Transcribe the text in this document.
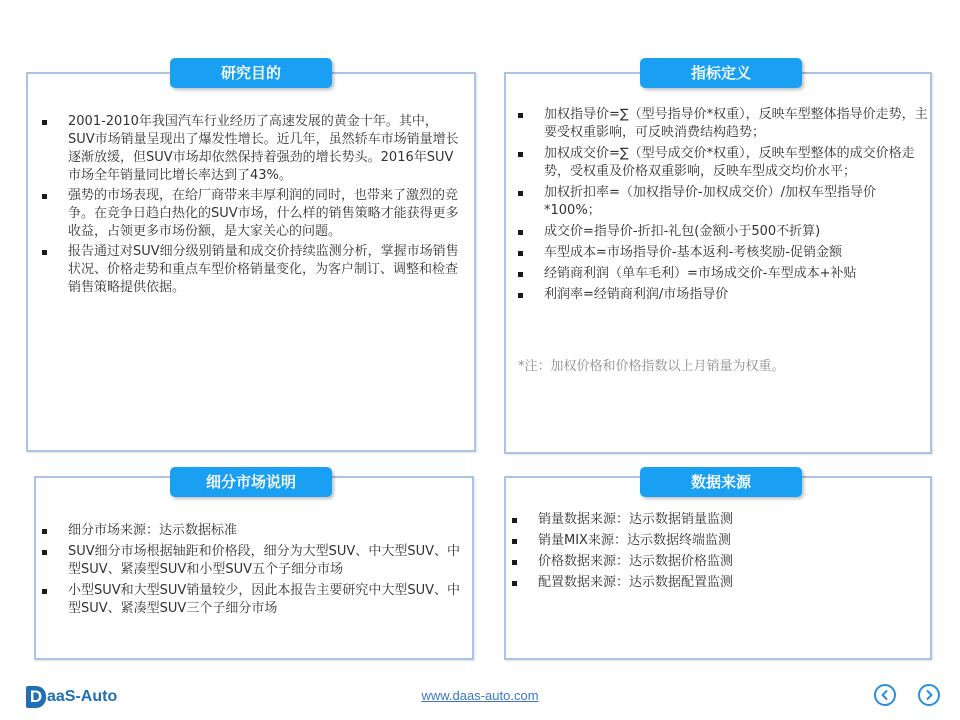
研究目的
2001-2010年我国汽车行业经历了高速发展的黄金十年。其中，SUV市场销量呈现出了爆发性增长。近几年，虽然轿车市场销量增长逐渐放缓，但SUV市场却依然保持着强劲的增长势头。2016年SUV市场全年销量同比增长率达到了43%。
强势的市场表现，在给厂商带来丰厚利润的同时，也带来了激烈的竞争。在竞争日趋白热化的SUV市场，什么样的销售策略才能获得更多收益，占领更多市场份额，是大家关心的问题。
报告通过对SUV细分级别销量和成交价持续监测分析，掌握市场销售状况、价格走势和重点车型价格销量变化，为客户制订、调整和检查销售策略提供依据。
指标定义
加权指导价=∑（型号指导价*权重），反映车型整体指导价走势，主要受权重影响，可反映消费结构趋势；
加权成交价=∑（型号成交价*权重），反映车型整体的成交价格走势，受权重及价格双重影响，反映车型成交均价水平；
加权折扣率=（加权指导价-加权成交价）/加权车型指导价*100%；
成交价=指导价-折扣-礼包(金额小于500不折算)
车型成本=市场指导价-基本返利-考核奖励-促销金额
经销商利润（单车毛利）=市场成交价-车型成本+补贴
利润率=经销商利润/市场指导价
*注：加权价格和价格指数以上月销量为权重。
细分市场说明
细分市场来源：达示数据标准
SUV细分市场根据轴距和价格段，细分为大型SUV、中大型SUV、中型SUV、紧凑型SUV和小型SUV五个子细分市场
小型SUV和大型SUV销量较少，因此本报告主要研究中大型SUV、中型SUV、紧凑型SUV三个子细分市场
数据来源
销量数据来源：达示数据销量监测
销量MIX来源：达示数据终端监测
价格数据来源：达示数据价格监测
配置数据来源：达示数据配置监测
D aaS-Auto	www.daas-auto.com
